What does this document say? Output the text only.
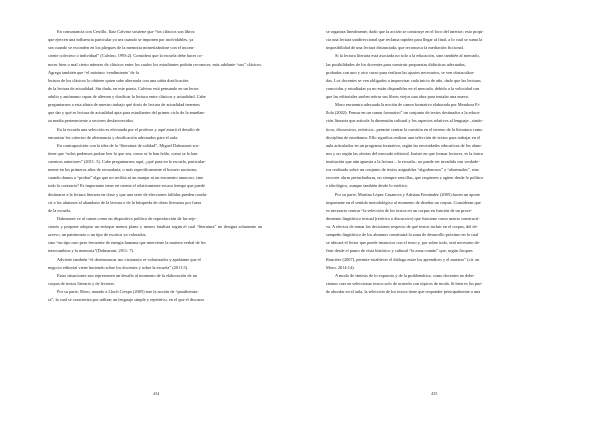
En consonancia con Cerrillo, Ilaiz Calvino sostiene que “los clásicos son libros
que ejercen una influencia particular ya sea cuando se imponen por inolvidables, ya
sea cuando se esconden en los pliegues de la memoria mimetizándose con el incons-
ciente colectivo o individual” (Calvino, 1993:2). Considera que la escuela debe hacer co-
nocer bien o mal cierto número de clásicos entre los cuales los estudiantes podrán reconocer, más adelante “sus” clásicos. Agrega también que “el máximo ‘rendimiento’ de la
lectura de los clásicos lo obtiene quien sabe alternarla con una sabia dosificación
de la lectura de actualidad. Sin duda, en este punto, Calvino está pensando en un lector
adulto y autónomo capaz de alternar y dosificar la lectura entre clásicos y actualidad. Cabe
preguntarnos a esta altura de nuestro trabajo qué dosis de lectura de actualidad tenemos
que dar y qué es lectura de actualidad apta para estudiantes del primer ciclo de la enseñan-
za media perteneciente a sectores desfavorecidos.

En la escuela una selección es efectuada por el profesor y aquí estará el desafío de
encontrar los criterios de alternancia y dosificación adecuados para el aula.

En contraposición con la idea de la “literatura de calidad”, Miguel Dalmaroni sos-
tiene que “solos podemos probar leer lo que sea, como se lo han leído, como se lo han
cuentros anteriores” (2011: 5). Cabe preguntarnos aquí, ¿qué pasa en la escuela, particular-
mente en los primeros años de secundaria, o más específicamente el horario nocturno,
cuando damos a “probar” algo que no recibía ni un manjar ni un encuentro amoroso, sino
todo lo contrario? Es importante tener en cuenta el relativamente escaso tiempo que puede
destinarse a la lectura literaria en clase y que una serie de elecciones fallidas pueden condu-
cir a los alumnos al abandono de la lectura o de la búsqueda de obras literarias por fuera
de la escuela.

Dalmaroni ve al canon como un dispositivo político de reproducción de las seje-
ciones y propone adoptar un enfoque menos plano y menos fatalista según el cual “literatura” no designa solamente un acervo, un patrimonio o un tipo de escritos ya valorados,
sino “un tipo raro pero frecuente de energía humana que interviene la materia verbal de los
intercambios y la memoria”(Dalmaroni, 2011: 7).

Advierte también “el desenmascar mo visionario re-colonizador y apabiante que el
negocio editorial viene haciendo sobre los docentes y sobre la escuela” (2011:5).

Estas situaciones nos representen un desafío al momento de la elaboración de un
corpus de textos literario y de lectores.

Por su parte, Moro, anuado a Lluch Crespo (2005) trae la noción de “paraliteratu-
ra”, la cual se caracteriza por utilizar un lenguaje simple y repetitivo, en el que el discurso

434

se organiza linealmente, dado que la acción se construye en el foco del interior; esto propi-
cia una lectura unidireccional que reclama rapidez para llegar al final, a lo cual se suma la
imposibilidad de una lectura distanciada, que reconozca la mediación ficcional.

Si la lectura literaria está asociada no solo a la educación, sino también al mercado,
las posibilidades de los docentes para construir propuestas didácticas adecuadas,
probadas con uno y otro curso para realizar las ajustes necesarios, se ven obstaculiza-
das. Los docentes se ven obligados a improvisar cada inicio de año, dado que las lecturas
conocidas y estudiadas ya no están disponibles en el mercado, debido a la velocidad con
que las editoriales suelen retirar sus libros viejos una obra para instalar una nueva.

Moro encuentra adecuada la noción de canon formativo elaborada por Mendoza Fi-
llola (2002): Pensar en un canon formativo” un conjunto de textos destinados a la educa-
ción literaria que articule la dimensión cultural y los aspectos relativos al lenguaje –sintác-
ticos, discursivos, retóricos– permite centrar la cuestión en el terreno de la literatura como
disciplina de enseñanza. Ello significa realizar una selección de textos para trabajar en el
aula articulados en un programa formativo, según las necesidades educativas de los alum-
nos y no según las ofertas del mercado editorial. Insiste en que formar lectores, es la única
institución que aún apuesta a la lectura – la escuela– no puede ser invadida con verdade-
ros realizado sobre un conjunto de textos asignables “algodonosos” y “abuenados”, sino
recorrer obras perturbadoras, no siempre sencillas, que requieren y agiten desde lo político
e ideológico, aunque también desde lo estético.

Por su parte, Martina López Casanova y Adriana Fernández (2005) hacen un aporte
importante en el sentido metodológico al momento de diseñar un corpus. Consideran que
es necesario centrar “la selección de los textos en un corpus en función de un proce-
dimiento lingüístico textual (retórico o discursivo) que funcione como matriz constructi-
va. A efectos de tomar las decisiones respecto de qué textos incluir en el corpus, del de-
sempeño lingüístico de los alumnos constituirá la zona de desarrollo próximo en la cual
se ubicará el lector que puede instructor con el texto y, por sobre todo, será necesario de-
finir desde el punto de vista histórico y cultural “la zona común” que, según Jacques
Rancière (2007), permite establecer el diálogo entre los aprendices y el maestro” (cit. en
Moro, 2014:14).

A modo de síntesis de lo expuesto y de la problemática, como docentes no debe-
ríamos caer en seleccionar textos solo de acuerdo con tópicos de moda. Si bien es los pue-
de abordar en el aula, la selección de los textos tiene que responder principalmente a una

435
